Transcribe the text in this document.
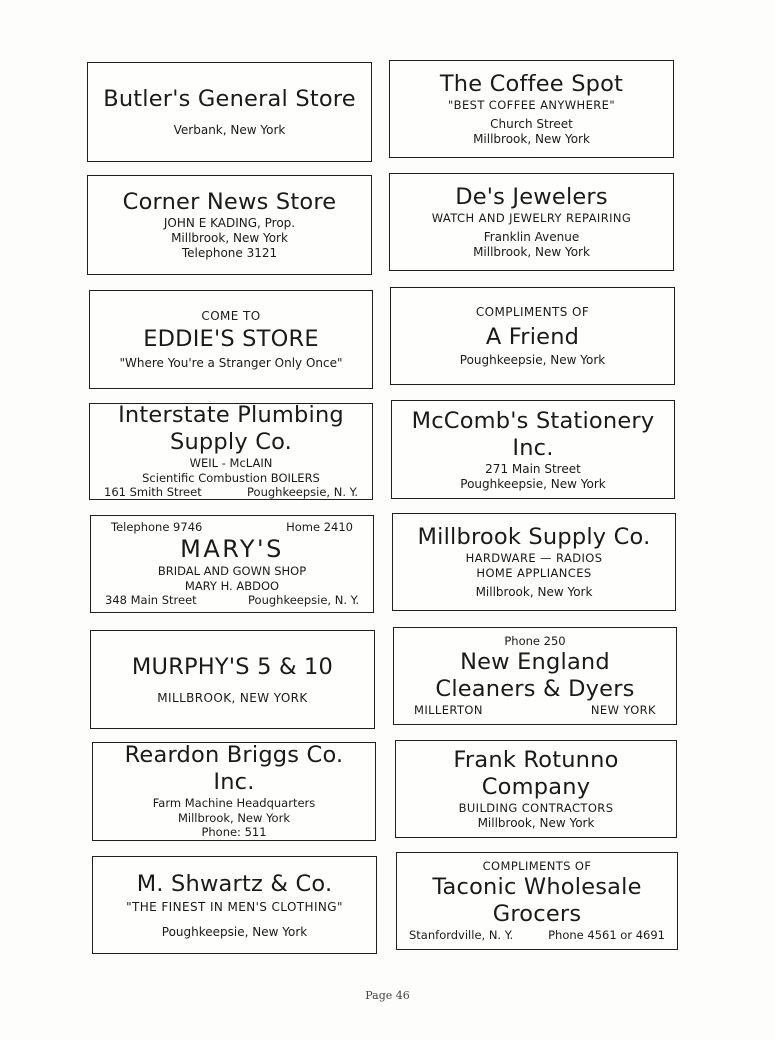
Butler's General Store
Verbank, New York
The Coffee Spot
"BEST COFFEE ANYWHERE"
Church Street
Millbrook, New York
Corner News Store
JOHN E KADING, Prop.
Millbrook, New York
Telephone 3121
De's Jewelers
WATCH AND JEWELRY REPAIRING
Franklin Avenue
Millbrook, New York
COME TO
EDDIE'S STORE
"Where You're a Stranger Only Once"
COMPLIMENTS OF
A Friend
Poughkeepsie, New York
Interstate Plumbing
Supply Co.
WEIL - McLAIN
Scientific Combustion BOILERS
161 Smith Street	Poughkeepsie, N. Y.
McComb's Stationery
Inc.
271 Main Street
Poughkeepsie, New York
Telephone 9746	Home 2410
MARY'S
BRIDAL AND GOWN SHOP
MARY H. ABDOO
348 Main Street	Poughkeepsie, N. Y.
Millbrook Supply Co.
HARDWARE — RADIOS
HOME APPLIANCES
Millbrook, New York
MURPHY'S 5 & 10
MILLBROOK, NEW YORK
Phone 250
New England
Cleaners & Dyers
MILLERTON	NEW YORK
Reardon Briggs Co.
Inc.
Farm Machine Headquarters
Millbrook, New York
Phone: 511
Frank Rotunno
Company
BUILDING CONTRACTORS
Millbrook, New York
M. Shwartz & Co.
"THE FINEST IN MEN'S CLOTHING"
Poughkeepsie, New York
COMPLIMENTS OF
Taconic Wholesale
Grocers
Stanfordville, N. Y.	Phone 4561 or 4691
Page 46
